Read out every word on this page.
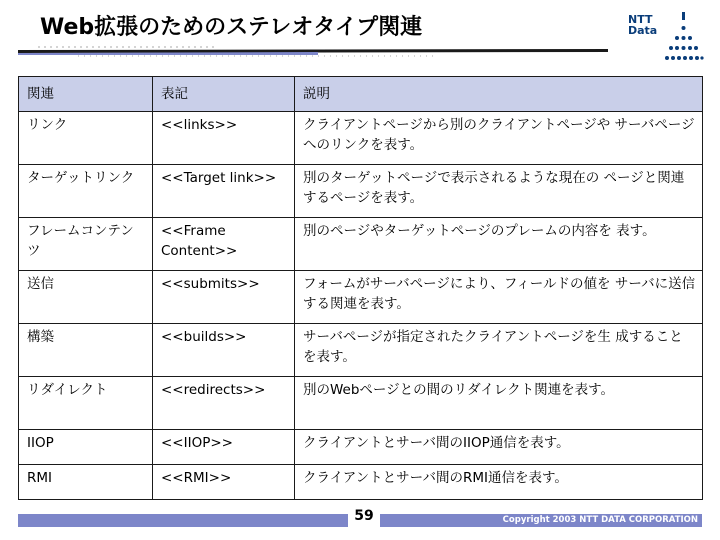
Web拡張のためのステレオタイプ関連	NTT
Data
関連	表記	説明
リンク	<<links>>	クライアントページから別のクライアントページや サーバページへのリンクを表す。
ターゲットリンク	<<Target link>>	別のターゲットページで表示されるような現在の ページと関連するページを表す。
フレームコンテンツ	<<Frame Content>>	別のページやターゲットページのプレームの内容を 表す。
送信	<<submits>>	フォームがサーバページにより、フィールドの値を サーバに送信する関連を表す。
構築	<<builds>>	サーバページが指定されたクライアントページを生 成することを表す。
リダイレクト	<<redirects>>	別のWebページとの間のリダイレクト関連を表す。
IIOP	<<IIOP>>	クライアントとサーバ間のIIOP通信を表す。
RMI	<<RMI>>	クライアントとサーバ間のRMI通信を表す。
59	Copyright 2003 NTT DATA CORPORATION
